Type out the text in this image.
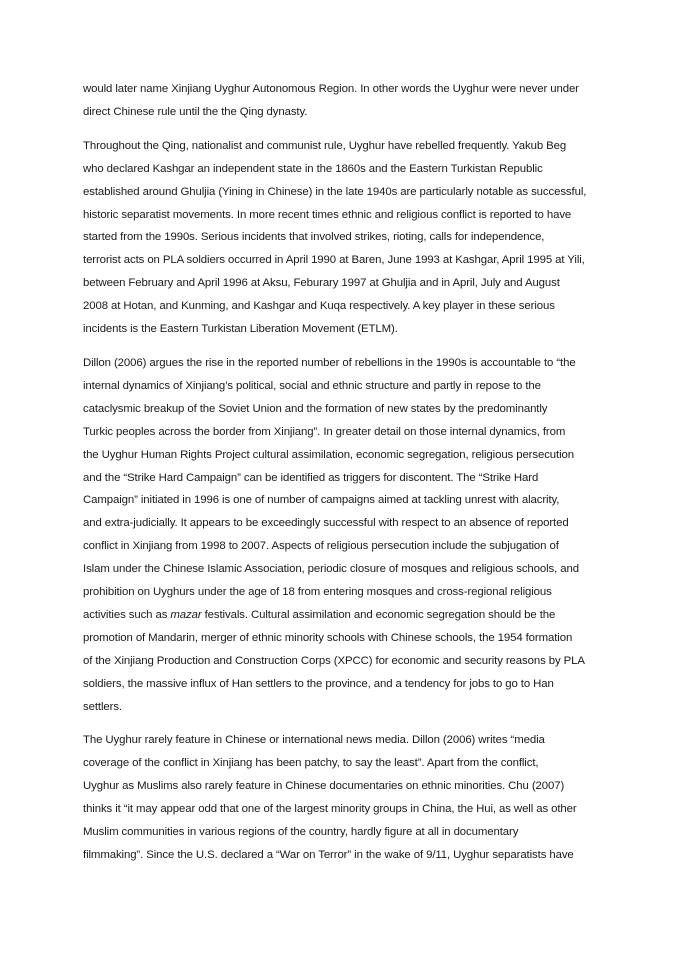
would later name Xinjiang Uyghur Autonomous Region. In other words the Uyghur were never under
direct Chinese rule until the the Qing dynasty.

Throughout the Qing, nationalist and communist rule, Uyghur have rebelled frequently. Yakub Beg
who declared Kashgar an independent state in the 1860s and the Eastern Turkistan Republic
established around Ghuljia (Yining in Chinese) in the late 1940s are particularly notable as successful,
historic separatist movements. In more recent times ethnic and religious conflict is reported to have
started from the 1990s. Serious incidents that involved strikes, rioting, calls for independence,
terrorist acts on PLA soldiers occurred in April 1990 at Baren, June 1993 at Kashgar, April 1995 at Yili,
between February and April 1996 at Aksu, Feburary 1997 at Ghuljia and in April, July and August
2008 at Hotan, and Kunming, and Kashgar and Kuqa respectively. A key player in these serious
incidents is the Eastern Turkistan Liberation Movement (ETLM).

Dillon (2006) argues the rise in the reported number of rebellions in the 1990s is accountable to “the
internal dynamics of Xinjiang’s political, social and ethnic structure and partly in repose to the
cataclysmic breakup of the Soviet Union and the formation of new states by the predominantly
Turkic peoples across the border from Xinjiang”. In greater detail on those internal dynamics, from
the Uyghur Human Rights Project cultural assimilation, economic segregation, religious persecution
and the “Strike Hard Campaign” can be identified as triggers for discontent. The “Strike Hard
Campaign” initiated in 1996 is one of number of campaigns aimed at tackling unrest with alacrity,
and extra-judicially. It appears to be exceedingly successful with respect to an absence of reported
conflict in Xinjiang from 1998 to 2007. Aspects of religious persecution include the subjugation of
Islam under the Chinese Islamic Association, periodic closure of mosques and religious schools, and
prohibition on Uyghurs under the age of 18 from entering mosques and cross-regional religious
activities such as mazar festivals. Cultural assimilation and economic segregation should be the
promotion of Mandarin, merger of ethnic minority schools with Chinese schools, the 1954 formation
of the Xinjiang Production and Construction Corps (XPCC) for economic and security reasons by PLA
soldiers, the massive influx of Han settlers to the province, and a tendency for jobs to go to Han
settlers.

The Uyghur rarely feature in Chinese or international news media. Dillon (2006) writes “media
coverage of the conflict in Xinjiang has been patchy, to say the least”. Apart from the conflict,
Uyghur as Muslims also rarely feature in Chinese documentaries on ethnic minorities. Chu (2007)
thinks it “it may appear odd that one of the largest minority groups in China, the Hui, as well as other
Muslim communities in various regions of the country, hardly figure at all in documentary
filmmaking”. Since the U.S. declared a “War on Terror” in the wake of 9/11, Uyghur separatists have
